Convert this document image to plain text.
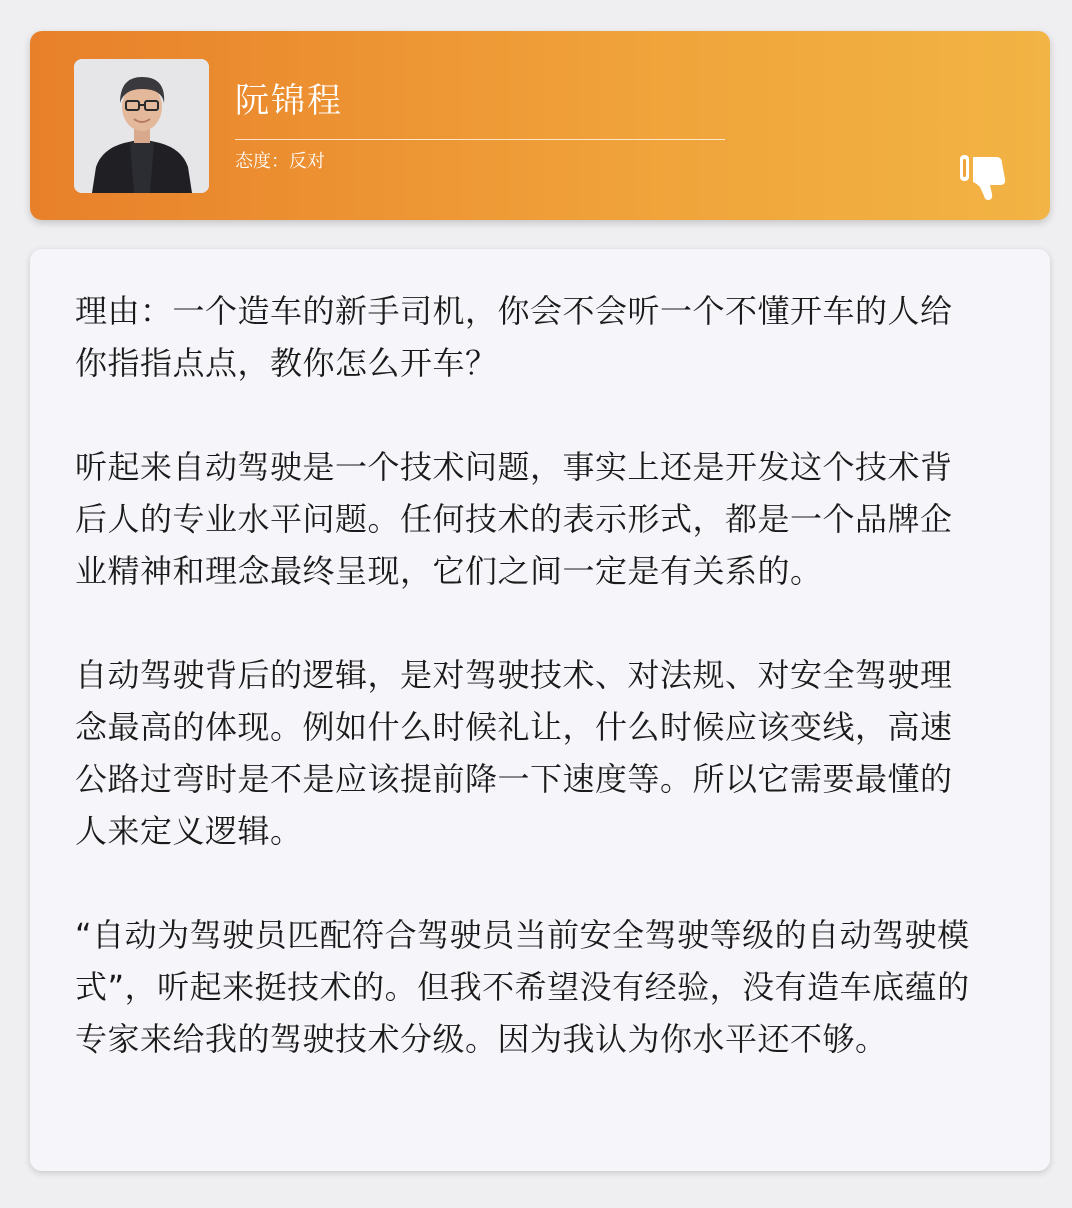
阮锦程
态度：反对

理由：一个造车的新手司机，你会不会听一个不懂开车的人给你指指点点，教你怎么开车？

听起来自动驾驶是一个技术问题，事实上还是开发这个技术背后人的专业水平问题。任何技术的表示形式，都是一个品牌企业精神和理念最终呈现，它们之间一定是有关系的。

自动驾驶背后的逻辑，是对驾驶技术、对法规、对安全驾驶理念最高的体现。例如什么时候礼让，什么时候应该变线，高速公路过弯时是不是应该提前降一下速度等。所以它需要最懂的人来定义逻辑。

“自动为驾驶员匹配符合驾驶员当前安全驾驶等级的自动驾驶模式”，听起来挺技术的。但我不希望没有经验，没有造车底蕴的专家来给我的驾驶技术分级。因为我认为你水平还不够。
